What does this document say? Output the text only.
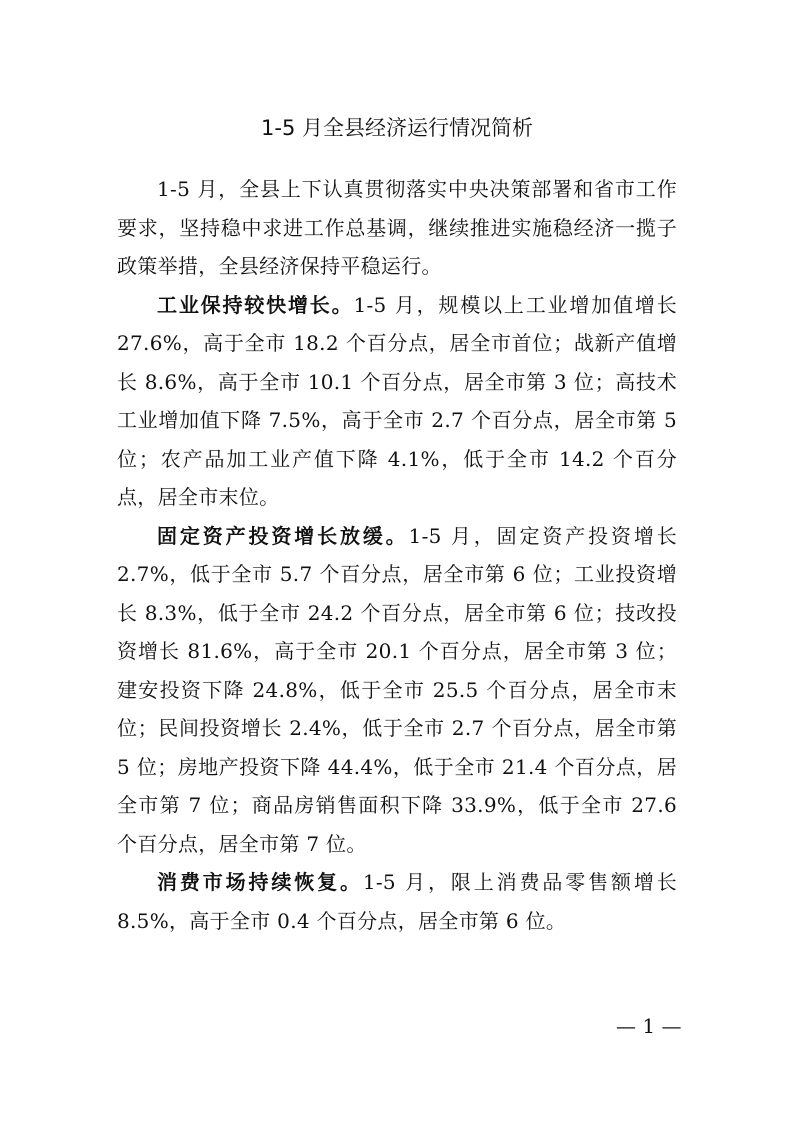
1-5 月全县经济运行情况简析

1-5 月，全县上下认真贯彻落实中央决策部署和省市工作要求，坚持稳中求进工作总基调，继续推进实施稳经济一揽子政策举措，全县经济保持平稳运行。

工业保持较快增长。1-5 月，规模以上工业增加值增长 27.6%，高于全市 18.2 个百分点，居全市首位；战新产值增长 8.6%，高于全市 10.1 个百分点，居全市第 3 位；高技术工业增加值下降 7.5%，高于全市 2.7 个百分点，居全市第 5 位；农产品加工业产值下降 4.1%，低于全市 14.2 个百分点，居全市末位。

固定资产投资增长放缓。1-5 月，固定资产投资增长 2.7%，低于全市 5.7 个百分点，居全市第 6 位；工业投资增长 8.3%，低于全市 24.2 个百分点，居全市第 6 位；技改投资增长 81.6%，高于全市 20.1 个百分点，居全市第 3 位；建安投资下降 24.8%，低于全市 25.5 个百分点，居全市末位；民间投资增长 2.4%，低于全市 2.7 个百分点，居全市第 5 位；房地产投资下降 44.4%，低于全市 21.4 个百分点，居全市第 7 位；商品房销售面积下降 33.9%，低于全市 27.6 个百分点，居全市第 7 位。

消费市场持续恢复。1-5 月，限上消费品零售额增长 8.5%，高于全市 0.4 个百分点，居全市第 6 位。

— 1 —
